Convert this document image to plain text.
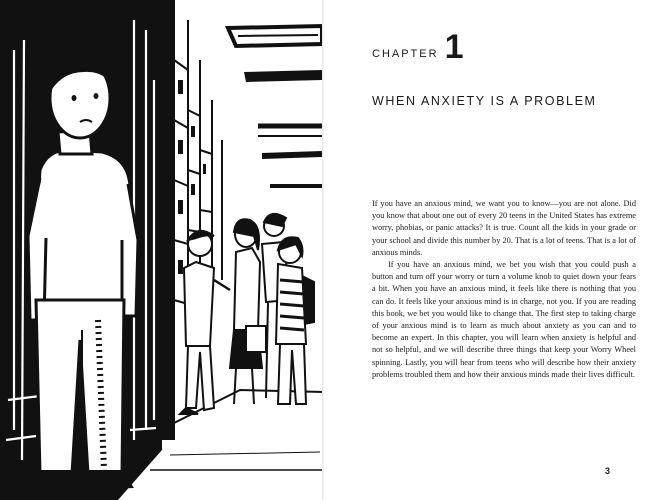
CHAPTER 1
WHEN ANXIETY IS A PROBLEM

If you have an anxious mind, we want you to know—you are not alone. Did you know that about one out of every 20 teens in the United States has extreme worry, phobias, or panic attacks? It is true. Count all the kids in your grade or your school and divide this number by 20. That is a lot of teens. That is a lot of anxious minds.

If you have an anxious mind, we bet you wish that you could push a button and turn off your worry or turn a volume knob to quiet down your fears a bit. When you have an anxious mind, it feels like there is nothing that you can do. It feels like your anxious mind is in charge, not you. If you are reading this book, we bet you would like to change that. The first step to taking charge of your anxious mind is to learn as much about anxiety as you can and to become an expert. In this chapter, you will learn when anxiety is helpful and not so helpful, and we will describe three things that keep your Worry Wheel spinning. Lastly, you will hear from teens who will describe how their anxiety problems troubled them and how their anxious minds made their lives difficult.

3
